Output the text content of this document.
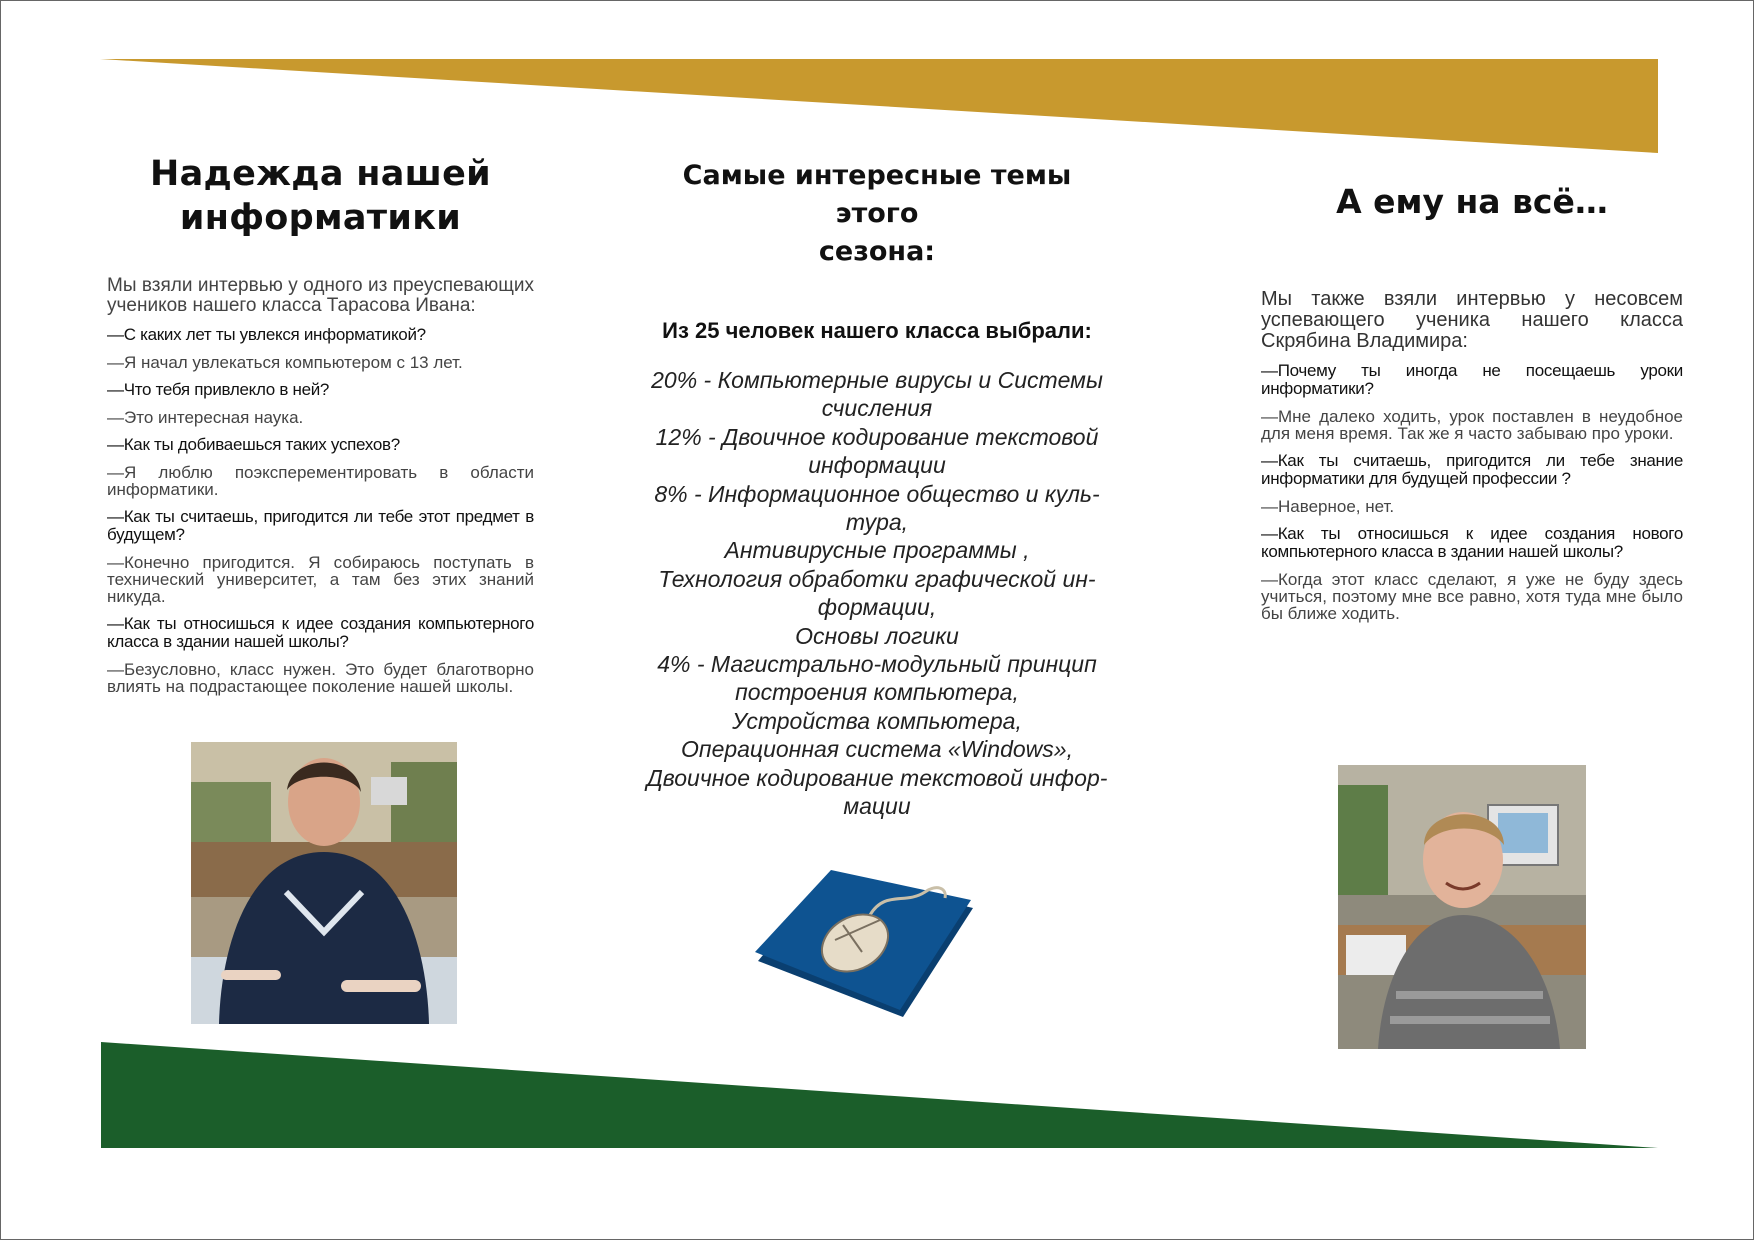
Надежда нашей
информатики

Мы взяли интервью у одного из преуспевающих учеников нашего класса Тарасова Ивана:

—С каких лет ты увлекся информатикой?

—Я начал увлекаться компьютером с 13 лет.

—Что тебя привлекло в ней?

—Это интересная наука.

—Как ты добиваешься таких успехов?

—Я люблю поэксперементировать в области информатики.

—Как ты считаешь, пригодится ли тебе этот предмет в будущем?

—Конечно пригодится. Я собираюсь поступать в технический университет, а там без этих знаний никуда.

—Как ты относишься к идее создания компьютерного класса в здании нашей школы?

—Безусловно, класс нужен. Это будет благотворно влиять на подрастающее поколение нашей школы.

Самые интересные темы этого
сезона:

Из 25 человек нашего класса выбрали:

20% - Компьютерные вирусы и Системы

счисления

12% - Двоичное кодирование текстовой

информации

8% - Информационное общество и куль-

тура,

Антивирусные программы ,

Технология обработки графической ин-

формации,

Основы логики

4% - Магистрально-модульный принцип

построения компьютера,

Устройства компьютера,

Операционная система «Windows»,

Двоичное кодирование текстовой инфор-

мации

А ему на всё…

Мы также взяли интервью у несовсем успевающего ученика нашего класса Скрябина Владимира:

—Почему ты иногда не посещаешь уроки информатики?

—Мне далеко ходить, урок поставлен в неудобное для меня время. Так же я часто забываю про уроки.

—Как ты считаешь, пригодится ли тебе знание информатики для будущей профессии ?

—Наверное, нет.

—Как ты относишься к идее создания нового компьютерного класса в здании нашей школы?

—Когда этот класс сделают, я уже не буду здесь учиться, поэтому мне все равно, хотя туда мне было бы ближе ходить.
